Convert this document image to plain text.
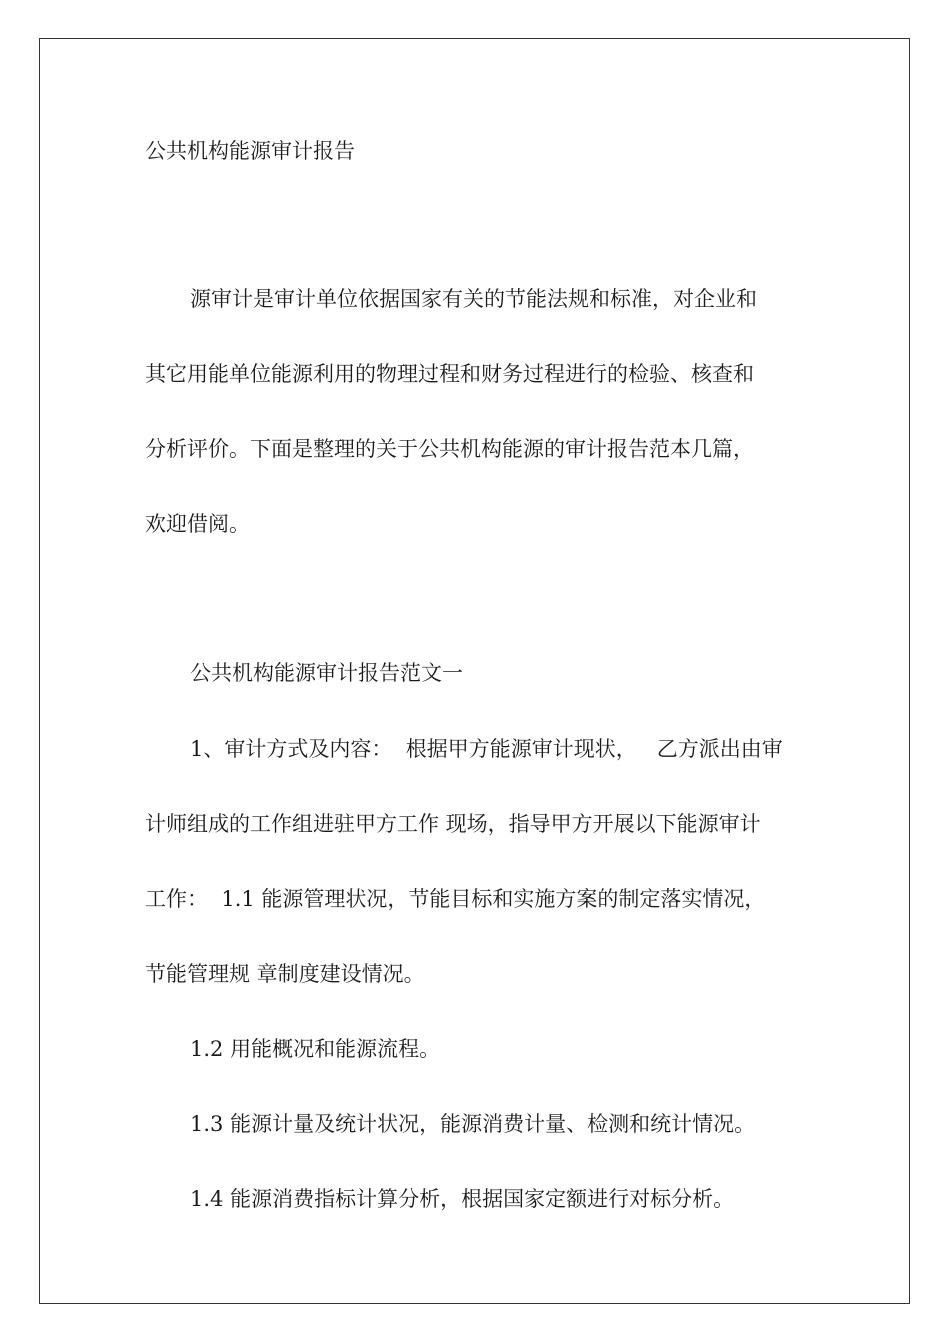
公共机构能源审计报告
源审计是审计单位依据国家有关的节能法规和标准，对企业和
其它用能单位能源利用的物理过程和财务过程进行的检验、核查和
分析评价。下面是整理的关于公共机构能源的审计报告范本几篇，
欢迎借阅。
公共机构能源审计报告范文一
1、审计方式及内容：  根据甲方能源审计现状，   乙方派出由审
计师组成的工作组进驻甲方工作 现场，指导甲方开展以下能源审计
工作：  1.1 能源管理状况，节能目标和实施方案的制定落实情况，
节能管理规 章制度建设情况。
1.2 用能概况和能源流程。
1.3 能源计量及统计状况，能源消费计量、检测和统计情况。
1.4 能源消费指标计算分析，根据国家定额进行对标分析。
